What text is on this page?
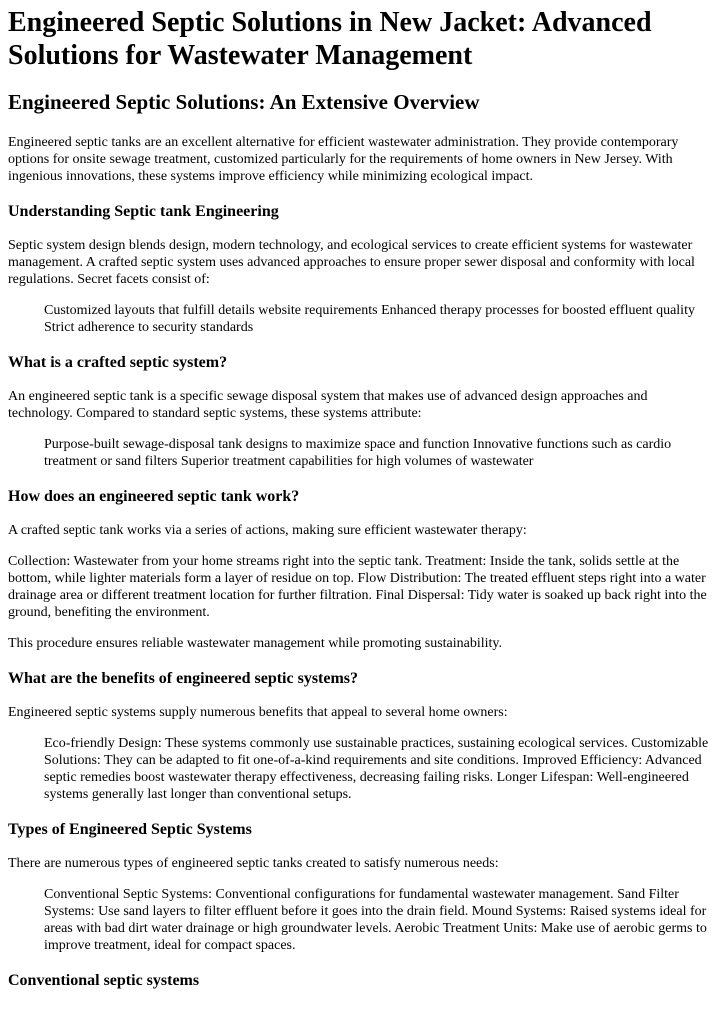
Engineered Septic Solutions in New Jacket: Advanced Solutions for Wastewater Management
Engineered Septic Solutions: An Extensive Overview

Engineered septic tanks are an excellent alternative for efficient wastewater administration. They provide contemporary options for onsite sewage treatment, customized particularly for the requirements of home owners in New Jersey. With ingenious innovations, these systems improve efficiency while minimizing ecological impact.

Understanding Septic tank Engineering

Septic system design blends design, modern technology, and ecological services to create efficient systems for wastewater management. A crafted septic system uses advanced approaches to ensure proper sewer disposal and conformity with local regulations. Secret facets consist of:

Customized layouts that fulfill details website requirements Enhanced therapy processes for boosted effluent quality Strict adherence to security standards
What is a crafted septic system?

An engineered septic tank is a specific sewage disposal system that makes use of advanced design approaches and technology. Compared to standard septic systems, these systems attribute:

Purpose-built sewage-disposal tank designs to maximize space and function Innovative functions such as cardio treatment or sand filters Superior treatment capabilities for high volumes of wastewater
How does an engineered septic tank work?

A crafted septic tank works via a series of actions, making sure efficient wastewater therapy:

Collection: Wastewater from your home streams right into the septic tank. Treatment: Inside the tank, solids settle at the bottom, while lighter materials form a layer of residue on top. Flow Distribution: The treated effluent steps right into a water drainage area or different treatment location for further filtration. Final Dispersal: Tidy water is soaked up back right into the ground, benefiting the environment.

This procedure ensures reliable wastewater management while promoting sustainability.

What are the benefits of engineered septic systems?

Engineered septic systems supply numerous benefits that appeal to several home owners:

Eco-friendly Design: These systems commonly use sustainable practices, sustaining ecological services. Customizable Solutions: They can be adapted to fit one-of-a-kind requirements and site conditions. Improved Efficiency: Advanced septic remedies boost wastewater therapy effectiveness, decreasing failing risks. Longer Lifespan: Well-engineered systems generally last longer than conventional setups.
Types of Engineered Septic Systems

There are numerous types of engineered septic tanks created to satisfy numerous needs:

Conventional Septic Systems: Conventional configurations for fundamental wastewater management. Sand Filter Systems: Use sand layers to filter effluent before it goes into the drain field. Mound Systems: Raised systems ideal for areas with bad dirt water drainage or high groundwater levels. Aerobic Treatment Units: Make use of aerobic germs to improve treatment, ideal for compact spaces.
Conventional septic systems
